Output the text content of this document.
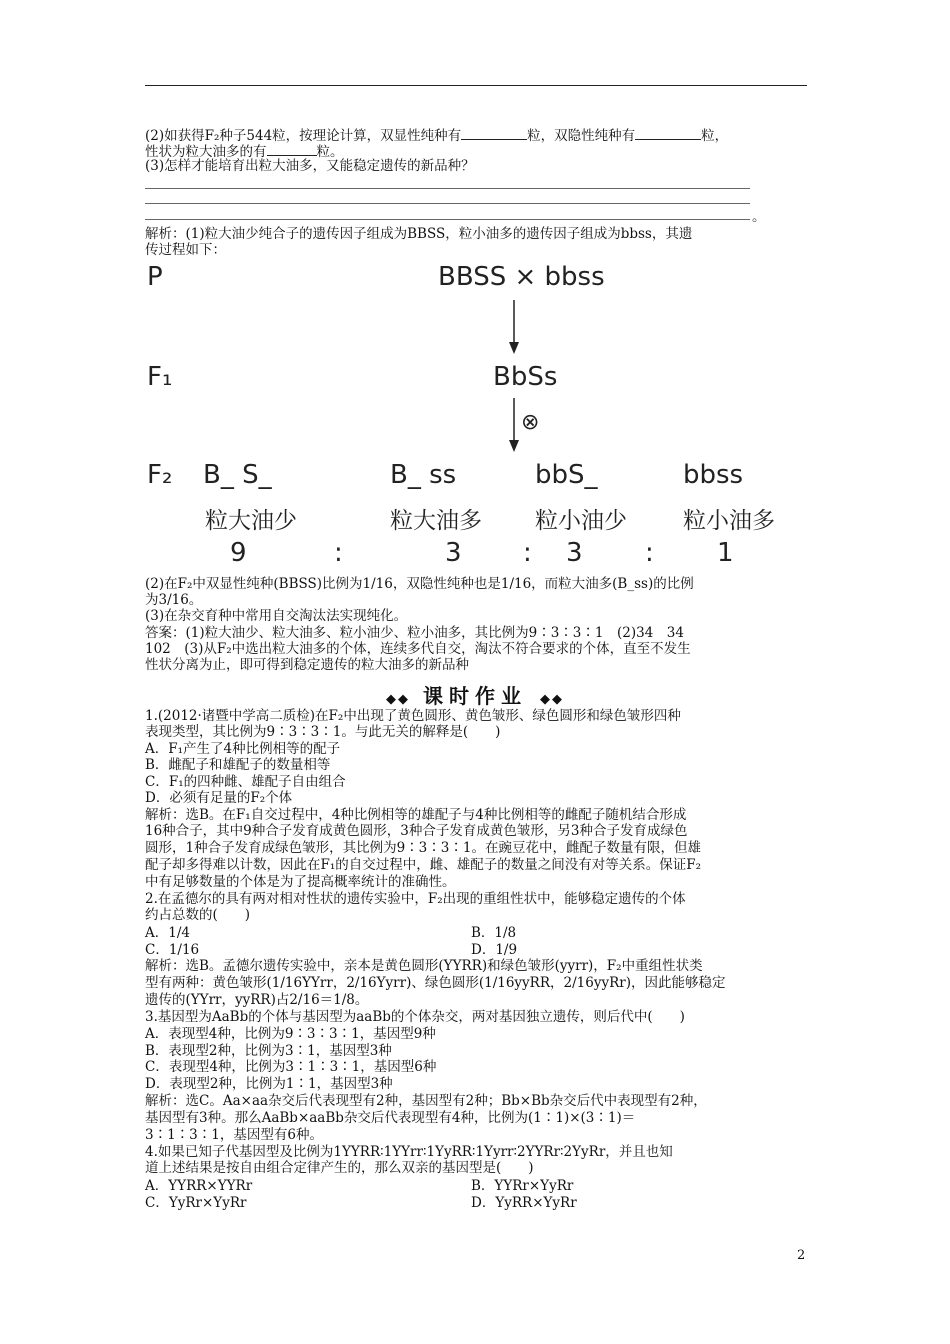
(2)如获得F₂种子544粒，按理论计算，双显性纯种有	粒，双隐性纯种有	粒，
性状为粒大油多的有	粒。
(3)怎样才能培育出粒大油多，又能稳定遗传的新品种？
。
解析：(1)粒大油少纯合子的遗传因子组成为BBSS，粒小油多的遗传因子组成为bbss，其遗
传过程如下：
P	BBSS × bbss
F₁	BbSs
⊗
F₂ B_ S_	B_ ss	bbS_	bbss
粒大油少	粒大油多 粒小油少 粒小油多
9	:	3 : 3 : 1
(2)在F₂中双显性纯种(BBSS)比例为1/16，双隐性纯种也是1/16，而粒大油多(B_ss)的比例
为3/16。
(3)在杂交育种中常用自交淘汰法实现纯化。
答案：(1)粒大油少、粒大油多、粒小油少、粒小油多，其比例为9∶3∶3∶1　(2)34　34
102　(3)从F₂中选出粒大油多的个体，连续多代自交，淘汰不符合要求的个体，直至不发生
性状分离为止，即可得到稳定遗传的粒大油多的新品种
◆◆ 课时作业 ◆◆
1.(2012·诸暨中学高二质检)在F₂中出现了黄色圆形、黄色皱形、绿色圆形和绿色皱形四种
表现类型，其比例为9∶3∶3∶1。与此无关的解释是(　　)
A．F₁产生了4种比例相等的配子
B．雌配子和雄配子的数量相等
C．F₁的四种雌、雄配子自由组合
D．必须有足量的F₂个体
解析：选B。在F₁自交过程中，4种比例相等的雄配子与4种比例相等的雌配子随机结合形成
16种合子，其中9种合子发育成黄色圆形，3种合子发育成黄色皱形，另3种合子发育成绿色
圆形，1种合子发育成绿色皱形，其比例为9∶3∶3∶1。在豌豆花中，雌配子数量有限，但雄
配子却多得难以计数，因此在F₁的自交过程中，雌、雄配子的数量之间没有对等关系。保证F₂
中有足够数量的个体是为了提高概率统计的准确性。
2.在孟德尔的具有两对相对性状的遗传实验中，F₂出现的重组性状中，能够稳定遗传的个体
约占总数的(　　)
A．1/4	B．1/8
C．1/16	D．1/9
解析：选B。孟德尔遗传实验中，亲本是黄色圆形(YYRR)和绿色皱形(yyrr)，F₂中重组性状类
型有两种：黄色皱形(1/16YYrr，2/16Yyrr)、绿色圆形(1/16yyRR，2/16yyRr)，因此能够稳定
遗传的(YYrr，yyRR)占2/16＝1/8。
3.基因型为AaBb的个体与基因型为aaBb的个体杂交，两对基因独立遗传，则后代中(　　)
A．表现型4种，比例为9∶3∶3∶1，基因型9种
B．表现型2种，比例为3∶1，基因型3种
C．表现型4种，比例为3∶1∶3∶1，基因型6种
D．表现型2种，比例为1∶1，基因型3种
解析：选C。Aa×aa杂交后代表现型有2种，基因型有2种；Bb×Bb杂交后代中表现型有2种，
基因型有3种。那么AaBb×aaBb杂交后代表现型有4种，比例为(1∶1)×(3∶1)＝
3∶1∶3∶1，基因型有6种。
4.如果已知子代基因型及比例为1YYRR∶1YYrr∶1YyRR∶1Yyrr∶2YYRr∶2YyRr，并且也知
道上述结果是按自由组合定律产生的，那么双亲的基因型是(　　)
A．YYRR×YYRr	B．YYRr×YyRr
C．YyRr×YyRr	D．YyRR×YyRr
2
